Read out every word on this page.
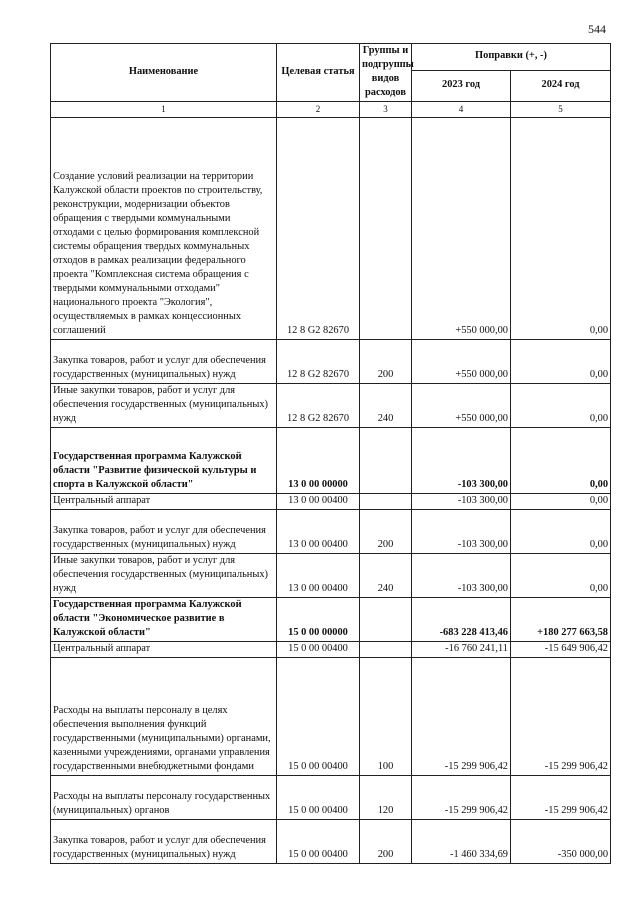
544
Наименование	Целевая статья	Группы и подгруппы видов расходов	Поправки (+, -)	
			2023 год	2024 год
1	2	3	4	5
Создание условий реализации на территории Калужской области проектов по строительству, реконструкции, модернизации объектов обращения с твердыми коммунальными отходами с целью формирования комплексной системы обращения твердых коммунальных отходов в рамках реализации федерального проекта "Комплексная система обращения с твердыми коммунальными отходами" национального проекта "Экология", осуществляемых в рамках концессионных соглашений	12 8 G2 82670		+550 000,00	0,00
Закупка товаров, работ и услуг для обеспечения государственных (муниципальных) нужд	12 8 G2 82670	200	+550 000,00	0,00
Иные закупки товаров, работ и услуг для обеспечения государственных (муниципальных) нужд	12 8 G2 82670	240	+550 000,00	0,00
Государственная программа Калужской области "Развитие физической культуры и спорта в Калужской области"	13 0 00 00000		-103 300,00	0,00
Центральный аппарат	13 0 00 00400		-103 300,00	0,00
Закупка товаров, работ и услуг для обеспечения государственных (муниципальных) нужд	13 0 00 00400	200	-103 300,00	0,00
Иные закупки товаров, работ и услуг для обеспечения государственных (муниципальных) нужд	13 0 00 00400	240	-103 300,00	0,00
Государственная программа Калужской области "Экономическое развитие в Калужской области"	15 0 00 00000		-683 228 413,46	+180 277 663,58
Центральный аппарат	15 0 00 00400		-16 760 241,11	-15 649 906,42
Расходы на выплаты персоналу в целях обеспечения выполнения функций государственными (муниципальными) органами, казенными учреждениями, органами управления государственными внебюджетными фондами	15 0 00 00400	100	-15 299 906,42	-15 299 906,42
Расходы на выплаты персоналу государственных (муниципальных) органов	15 0 00 00400	120	-15 299 906,42	-15 299 906,42
Закупка товаров, работ и услуг для обеспечения государственных (муниципальных) нужд	15 0 00 00400	200	-1 460 334,69	-350 000,00
